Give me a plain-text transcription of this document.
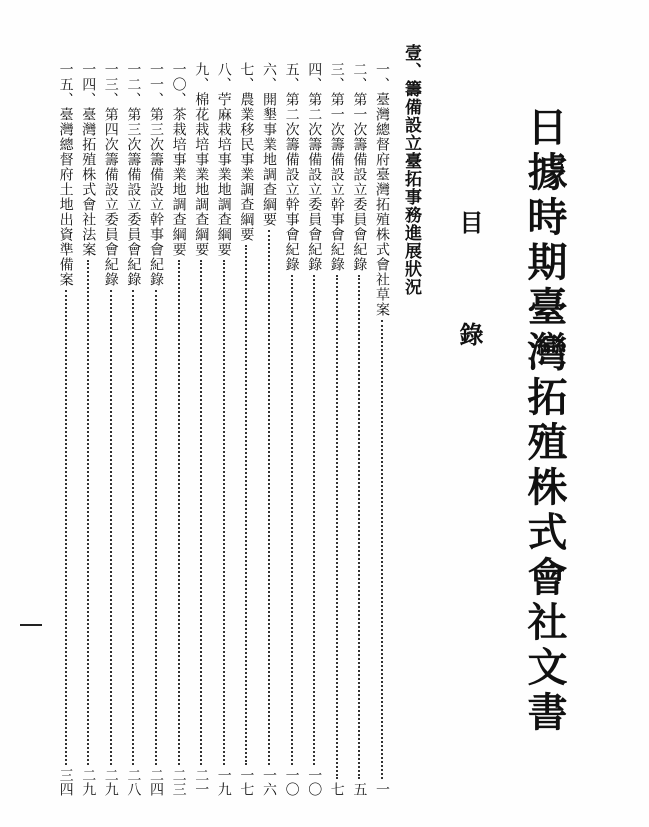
日據時期臺灣拓殖株式會社文書
目
錄
壹、籌備設立臺拓事務進展狀況
一、臺灣總督府臺灣拓殖株式會社草案
一
二、第一次籌備設立委員會紀錄
五
三、第一次籌備設立幹事會紀錄
七
四、第二次籌備設立委員會紀錄
一〇
五、第二次籌備設立幹事會紀錄
一〇
六、開墾事業地調查綱要
一六
七、農業移民事業調查綱要
一七
八、苧麻栽培事業地調查綱要
一九
九、棉花栽培事業地調查綱要
二一
一〇、茶栽培事業地調查綱要
二三
一一、第三次籌備設立幹事會紀錄
二四
一二、第三次籌備設立委員會紀錄
二八
一三、第四次籌備設立委員會紀錄
二九
一四、臺灣拓殖株式會社法案
二九
一五、臺灣總督府土地出資準備案
三四
